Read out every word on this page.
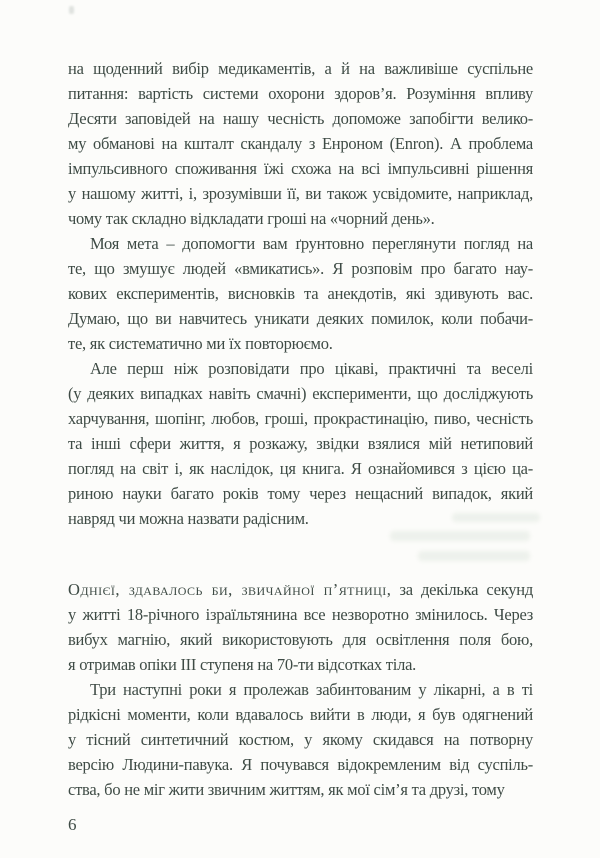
на щоденний вибір медикаментів, а й на важливіше суспільне
питання: вартість системи охорони здоров’я. Розуміння впливу
Десяти заповідей на нашу чесність допоможе запобігти велико-
му обманові на кшталт скандалу з Енроном (Enron). А проблема
імпульсивного споживання їжі схожа на всі імпульсивні рішення
у нашому житті, і, зрозумівши її, ви також усвідомите, наприклад,
чому так складно відкладати гроші на «чорний день».
Моя мета – допомогти вам ґрунтовно переглянути погляд на
те, що змушує людей «вмикатись». Я розповім про багато нау-
кових експериментів, висновків та анекдотів, які здивують вас.
Думаю, що ви навчитесь уникати деяких помилок, коли побачи-
те, як систематично ми їх повторюємо.
Але перш ніж розповідати про цікаві, практичні та веселі
(у деяких випадках навіть смачні) експерименти, що досліджують
харчування, шопінг, любов, гроші, прокрастинацію, пиво, чесність
та інші сфери життя, я розкажу, звідки взялися мій нетиповий
погляд на світ і, як наслідок, ця книга. Я ознайомився з цією ца-
риною науки багато років тому через нещасний випадок, який
навряд чи можна назвати радісним.
Однієї, здавалось би, звичайної п’ятниці, за декілька секунд
у житті 18-річного ізраїльтянина все незворотно змінилось. Через
вибух магнію, який використовують для освітлення поля бою,
я отримав опіки III ступеня на 70-ти відсотках тіла.
Три наступні роки я пролежав забинтованим у лікарні, а в ті
рідкісні моменти, коли вдавалось вийти в люди, я був одягнений
у тісний синтетичний костюм, у якому скидався на потворну
версію Людини-павука. Я почувався відокремленим від суспіль-
ства, бо не міг жити звичним життям, як мої сім’я та друзі, тому
6
